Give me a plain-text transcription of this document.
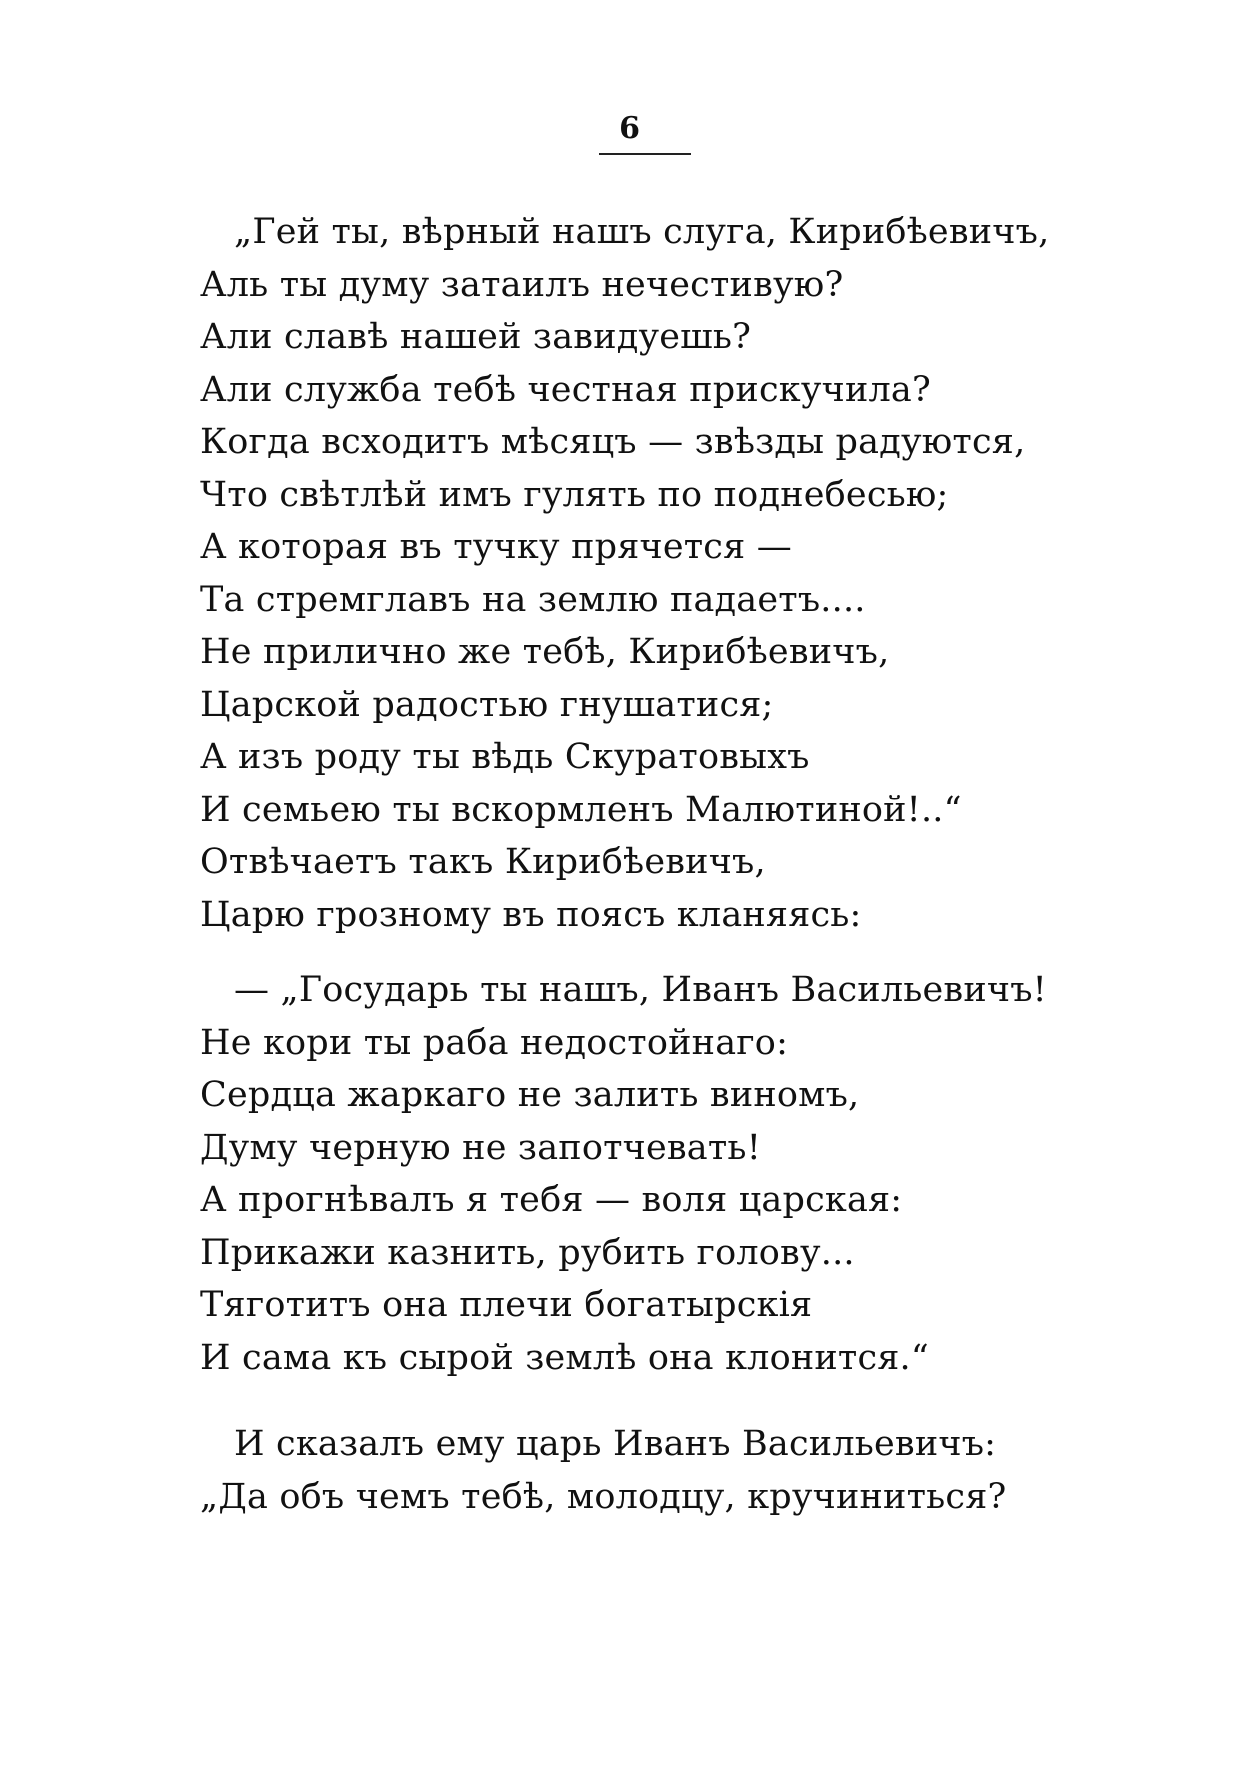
6
„Гей ты, вѣрный нашъ слуга, Кирибѣевичъ,
Аль ты думу затаилъ нечестивую?
Али славѣ нашей завидуешь?
Али служба тебѣ честная прискучила?
Когда всходитъ мѣсяцъ — звѣзды радуются,
Что свѣтлѣй имъ гулять по поднебесью;
А которая въ тучку прячется —
Та стремглавъ на землю падаетъ....
Не прилично же тебѣ, Кирибѣевичъ,
Царской радостью гнушатися;
А изъ роду ты вѣдь Скуратовыхъ
И семьею ты вскормленъ Малютиной!..“
Отвѣчаетъ такъ Кирибѣевичъ,
Царю грозному въ поясъ кланяясь:
— „Государь ты нашъ, Иванъ Васильевичъ!
Не кори ты раба недостойнаго:
Сердца жаркаго не залить виномъ,
Думу черную не запотчевать!
А прогнѣвалъ я тебя — воля царская:
Прикажи казнить, рубить голову...
Тяготитъ она плечи богатырскія
И сама къ сырой землѣ она клонится.“
И сказалъ ему царь Иванъ Васильевичъ:
„Да объ чемъ тебѣ, молодцу, кручиниться?
